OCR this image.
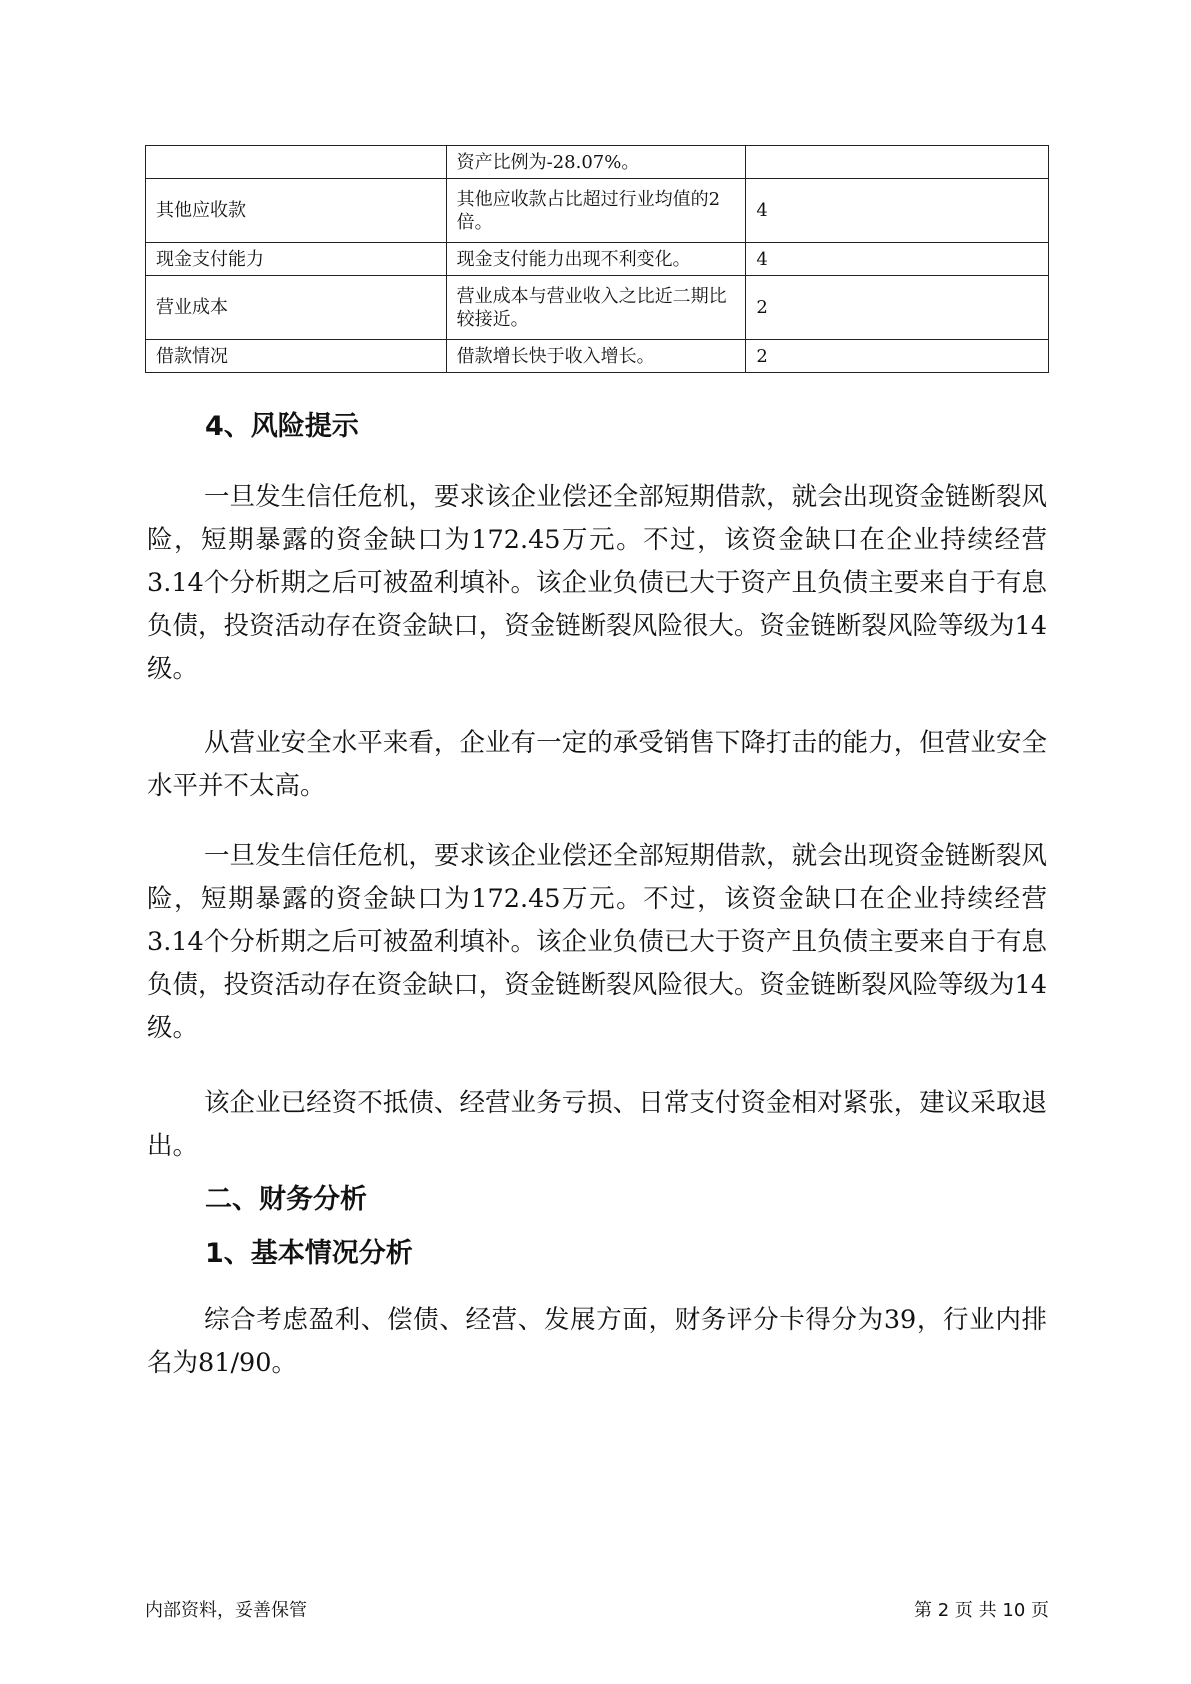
	资产比例为-28.07%。	
其他应收款	其他应收款占比超过行业均值的2倍。	4
现金支付能力	现金支付能力出现不利变化。	4
营业成本	营业成本与营业收入之比近二期比较接近。	2
借款情况	借款增长快于收入增长。	2
4、风险提示

一旦发生信任危机，要求该企业偿还全部短期借款，就会出现资金链断裂风险，短期暴露的资金缺口为172.45万元。不过，该资金缺口在企业持续经营 3.14个分析期之后可被盈利填补。该企业负债已大于资产且负债主要来自于有息负债，投资活动存在资金缺口，资金链断裂风险很大。资金链断裂风险等级为14级。

从营业安全水平来看，企业有一定的承受销售下降打击的能力，但营业安全水平并不太高。

一旦发生信任危机，要求该企业偿还全部短期借款，就会出现资金链断裂风险，短期暴露的资金缺口为172.45万元。不过，该资金缺口在企业持续经营 3.14个分析期之后可被盈利填补。该企业负债已大于资产且负债主要来自于有息负债，投资活动存在资金缺口，资金链断裂风险很大。资金链断裂风险等级为14级。

该企业已经资不抵债、经营业务亏损、日常支付资金相对紧张，建议采取退出。

二、财务分析
1、基本情况分析

综合考虑盈利、偿债、经营、发展方面，财务评分卡得分为39，行业内排名为81/90。

内部资料，妥善保管	第 2 页 共 10 页
